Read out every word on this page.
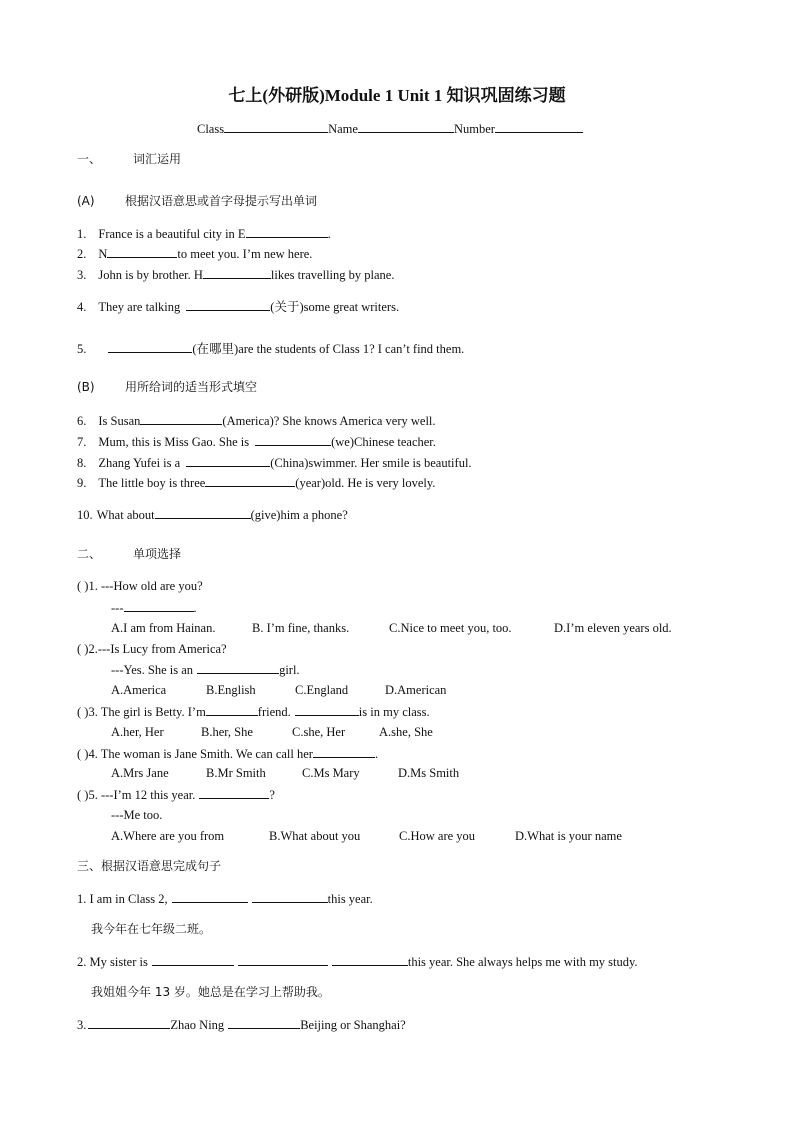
七上(外研版)Module 1 Unit 1 知识巩固练习题
Class	Name	Number
一、	词汇运用
(A)	根据汉语意思或首字母提示写出单词
1. France is a beautiful city in E	.
2. N	to meet you. I’m new here.
3. John is by brother. H	likes travelling by plane.
4. They are talking	(关于)some great writers.
5.	(在哪里)are the students of Class 1? I can’t find them.
(B)	用所给词的适当形式填空
6. Is Susan	(America)? She knows America very well.
7. Mum, this is Miss Gao. She is	(we)Chinese teacher.
8. Zhang Yufei is a	(China)swimmer. Her smile is beautiful.
9. The little boy is three	(year)old. He is very lovely.
10. What about	(give)him a phone?
二、	单项选择
( )1. ---How old are you?
---	.
A.I am from Hainan.	B. I’m fine, thanks.	C.Nice to meet you, too.	D.I’m eleven years old.
( )2.---Is Lucy from America?
---Yes. She is an	girl.
A.America	B.English	C.England	D.American
( )3. The girl is Betty. I’m	friend.	is in my class.
A.her, Her	B.her, She	C.she, Her	A.she, She
( )4. The woman is Jane Smith. We can call her	.
A.Mrs Jane	B.Mr Smith	C.Ms Mary	D.Ms Smith
( )5. ---I’m 12 this year.	?
---Me too.
A.Where are you from	B.What about you	C.How are you	D.What is your name
三、根据汉语意思完成句子
1. I am in Class 2,	this year.
我今年在七年级二班。
2. My sister is	this year. She always helps me with my study.
我姐姐今年 13 岁。她总是在学习上帮助我。
3.	Zhao Ning	Beijing or Shanghai?
